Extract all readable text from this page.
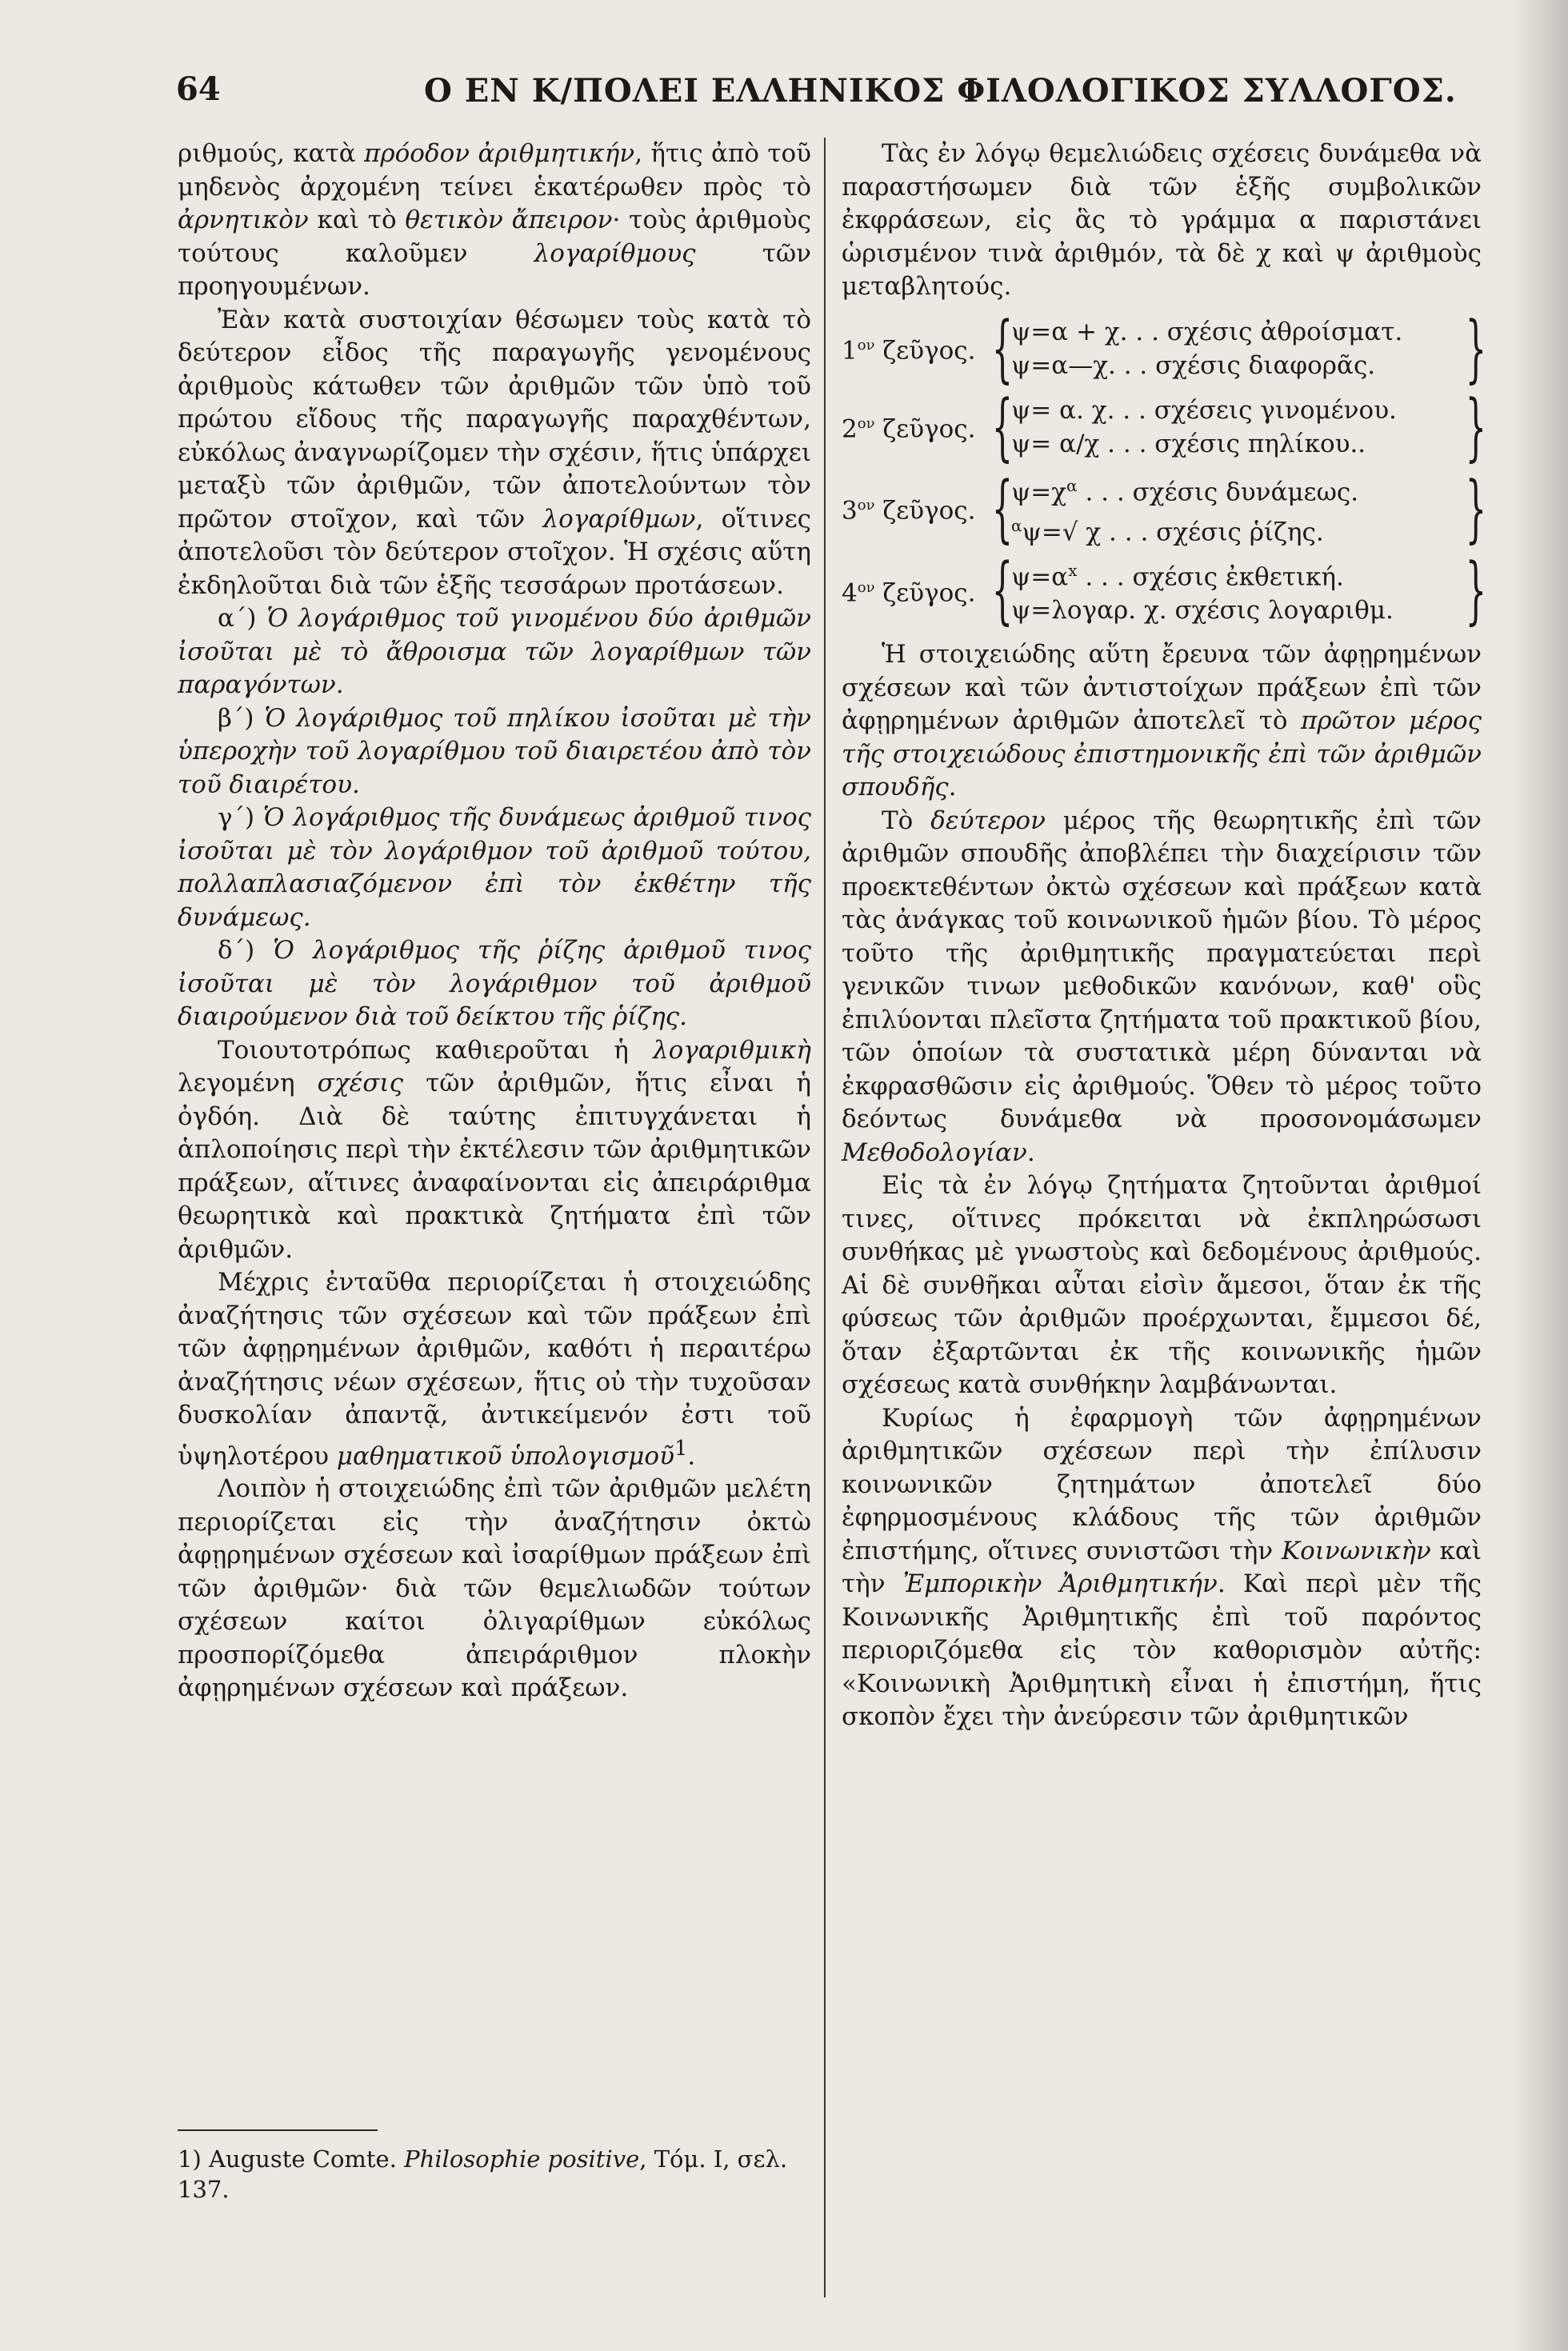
64	Ο ΕΝ Κ/ΠΟΛΕΙ ΕΛΛΗΝΙΚΟΣ ΦΙΛΟΛΟΓΙΚΟΣ ΣΥΛΛΟΓΟΣ.

ριθμούς, κατὰ πρόοδον ἀριθμητικήν, ἥτις ἀπὸ τοῦ μηδενὸς ἀρχομένη τείνει ἑκατέρωθεν πρὸς τὸ ἀρνητικὸν καὶ τὸ θετικὸν ἄπειρον· τοὺς ἀριθμοὺς τούτους καλοῦμεν λογαρίθμους τῶν προηγουμένων.

Ἐὰν κατὰ συστοιχίαν θέσωμεν τοὺς κατὰ τὸ δεύτερον εἶδος τῆς παραγωγῆς γενομένους ἀριθμοὺς κάτωθεν τῶν ἀριθμῶν τῶν ὑπὸ τοῦ πρώτου εἴδους τῆς παραγωγῆς παραχθέντων, εὐκόλως ἀναγνωρίζομεν τὴν σχέσιν, ἥτις ὑπάρχει μεταξὺ τῶν ἀριθμῶν, τῶν ἀποτελούντων τὸν πρῶτον στοῖχον, καὶ τῶν λογαρίθμων, οἵτινες ἀποτελοῦσι τὸν δεύτερον στοῖχον. Ἡ σχέσις αὕτη ἐκδηλοῦται διὰ τῶν ἑξῆς τεσσάρων προτάσεων.

α΄) Ὁ λογάριθμος τοῦ γινομένου δύο ἀριθμῶν ἰσοῦται μὲ τὸ ἄθροισμα τῶν λογαρίθμων τῶν παραγόντων.

β΄) Ὁ λογάριθμος τοῦ πηλίκου ἰσοῦται μὲ τὴν ὑπεροχὴν τοῦ λογαρίθμου τοῦ διαιρετέου ἀπὸ τὸν τοῦ διαιρέτου.

γ΄) Ὁ λογάριθμος τῆς δυνάμεως ἀριθμοῦ τινος ἰσοῦται μὲ τὸν λογάριθμον τοῦ ἀριθμοῦ τούτου, πολλαπλασιαζόμενον ἐπὶ τὸν ἐκθέτην τῆς δυνάμεως.

δ΄) Ὁ λογάριθμος τῆς ῥίζης ἀριθμοῦ τινος ἰσοῦται μὲ τὸν λογάριθμον τοῦ ἀριθμοῦ διαιρούμενον διὰ τοῦ δείκτου τῆς ῥίζης.

Τοιουτοτρόπως καθιεροῦται ἡ λογαριθμικὴ λεγομένη σχέσις τῶν ἀριθμῶν, ἥτις εἶναι ἡ ὀγδόη. Διὰ δὲ ταύτης ἐπιτυγχάνεται ἡ ἁπλοποίησις περὶ τὴν ἐκτέλεσιν τῶν ἀριθμητικῶν πράξεων, αἵτινες ἀναφαίνονται εἰς ἀπειράριθμα θεωρητικὰ καὶ πρακτικὰ ζητήματα ἐπὶ τῶν ἀριθμῶν.

Μέχρις ἐνταῦθα περιορίζεται ἡ στοιχειώδης ἀναζήτησις τῶν σχέσεων καὶ τῶν πράξεων ἐπὶ τῶν ἀφῃρημένων ἀριθμῶν, καθότι ἡ περαιτέρω ἀναζήτησις νέων σχέσεων, ἥτις οὐ τὴν τυχοῦσαν δυσκολίαν ἀπαντᾷ, ἀντικείμενόν ἐστι τοῦ ὑψηλοτέρου μαθηματικοῦ ὑπολογισμοῦ$^1$.

Λοιπὸν ἡ στοιχειώδης ἐπὶ τῶν ἀριθμῶν μελέτη περιορίζεται εἰς τὴν ἀναζήτησιν ὀκτὼ ἀφῃρημένων σχέσεων καὶ ἰσαρίθμων πράξεων ἐπὶ τῶν ἀριθμῶν· διὰ τῶν θεμελιωδῶν τούτων σχέσεων καίτοι ὀλιγαρίθμων εὐκόλως προσπορίζόμεθα ἀπειράριθμον πλοκὴν ἀφῃρημένων σχέσεων καὶ πράξεων.

1) Auguste Comte. Philosophie positive, Τόμ. I, σελ. 137.

Τὰς ἐν λόγῳ θεμελιώδεις σχέσεις δυνάμεθα νὰ παραστήσωμεν διὰ τῶν ἑξῆς συμβολικῶν ἐκφράσεων, εἰς ἃς τὸ γράμμα α παριστάνει ὡρισμένον τινὰ ἀριθμόν, τὰ δὲ χ καὶ ψ ἀριθμοὺς μεταβλητούς.

$1^{o\nu}$ ζεῦγος. {
ψ=α + χ. . . σχέσις ἀθροίσματ.
ψ=α—χ. . . σχέσις διαφορᾶς.	}
$2^{o\nu}$ ζεῦγος. {
ψ= α. χ. . . σχέσεις γινομένου.
ψ= α/χ . . . σχέσις πηλίκου..	}
$3^{o\nu}$ ζεῦγος. {
$\psi=\chi^\alpha$ . . . σχέσις δυνάμεως.
$^\alpha$ψ=√ χ . . . σχέσις ῥίζης.	}
$4^{o\nu}$ ζεῦγος. {
$\psi=\alpha^x$ . . . σχέσις ἐκθετική.
ψ=λογαρ. χ. σχέσις λογαριθμ. }

Ἡ στοιχειώδης αὕτη ἔρευνα τῶν ἀφῃρημένων σχέσεων καὶ τῶν ἀντιστοίχων πράξεων ἐπὶ τῶν ἀφῃρημένων ἀριθμῶν ἀποτελεῖ τὸ πρῶτον μέρος τῆς στοιχειώδους ἐπιστημονικῆς ἐπὶ τῶν ἀριθμῶν σπουδῆς.

Τὸ δεύτερον μέρος τῆς θεωρητικῆς ἐπὶ τῶν ἀριθμῶν σπουδῆς ἀποβλέπει τὴν διαχείρισιν τῶν προεκτεθέντων ὀκτὼ σχέσεων καὶ πράξεων κατὰ τὰς ἀνάγκας τοῦ κοινωνικοῦ ἡμῶν βίου. Τὸ μέρος τοῦτο τῆς ἀριθμητικῆς πραγματεύεται περὶ γενικῶν τινων μεθοδικῶν κανόνων, καθ' οὓς ἐπιλύονται πλεῖστα ζητήματα τοῦ πρακτικοῦ βίου, τῶν ὁποίων τὰ συστατικὰ μέρη δύνανται νὰ ἐκφρασθῶσιν εἰς ἀριθμούς. Ὅθεν τὸ μέρος τοῦτο δεόντως δυνάμεθα νὰ προσονομάσωμεν Μεθοδολογίαν.

Εἰς τὰ ἐν λόγῳ ζητήματα ζητοῦνται ἀριθμοί τινες, οἵτινες πρόκειται νὰ ἐκπληρώσωσι συνθήκας μὲ γνωστοὺς καὶ δεδομένους ἀριθμούς. Αἱ δὲ συνθῆκαι αὗται εἰσὶν ἄμεσοι, ὅταν ἐκ τῆς φύσεως τῶν ἀριθμῶν προέρχωνται, ἔμμεσοι δέ, ὅταν ἐξαρτῶνται ἐκ τῆς κοινωνικῆς ἡμῶν σχέσεως κατὰ συνθήκην λαμβάνωνται.

Κυρίως ἡ ἐφαρμογὴ τῶν ἀφῃρημένων ἀριθμητικῶν σχέσεων περὶ τὴν ἐπίλυσιν κοινωνικῶν ζητημάτων ἀποτελεῖ δύο ἐφηρμοσμένους κλάδους τῆς τῶν ἀριθμῶν ἐπιστήμης, οἵτινες συνιστῶσι τὴν Κοινωνικὴν καὶ τὴν Ἐμπορικὴν Ἀριθμητικήν. Καὶ περὶ μὲν τῆς Κοινωνικῆς Ἀριθμητικῆς ἐπὶ τοῦ παρόντος περιοριζόμεθα εἰς τὸν καθορισμὸν αὐτῆς: «Κοινωνικὴ Ἀριθμητικὴ εἶναι ἡ ἐπιστήμη, ἥτις σκοπὸν ἔχει τὴν ἀνεύρεσιν τῶν ἀριθμητικῶν
